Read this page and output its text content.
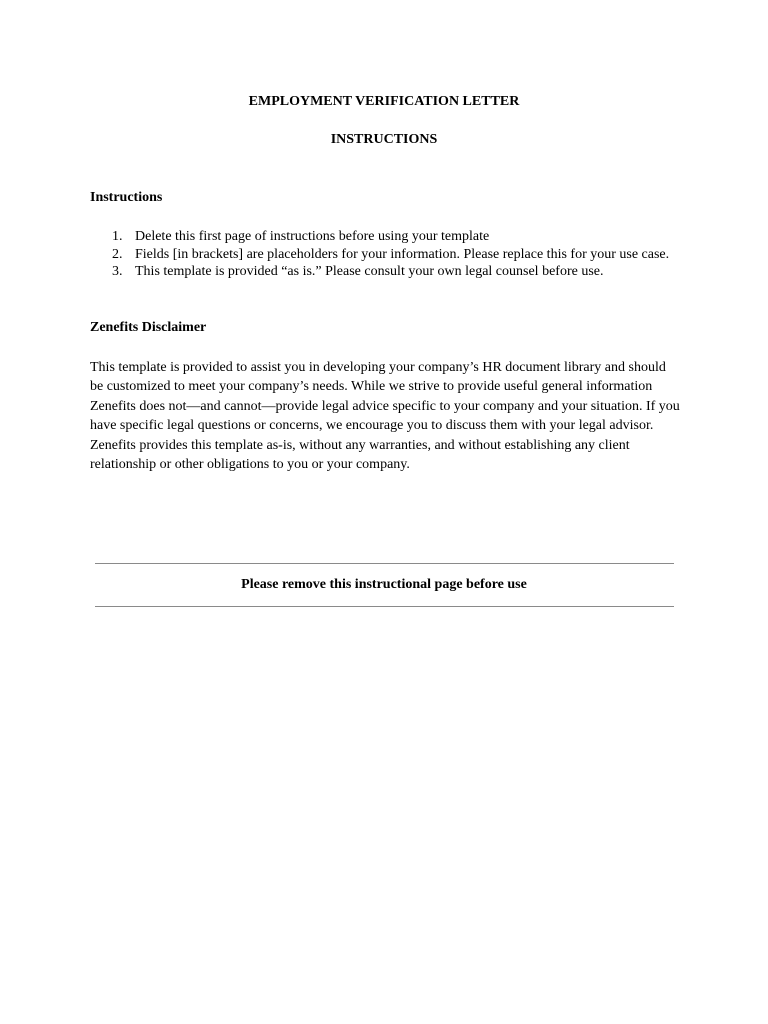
EMPLOYMENT VERIFICATION LETTER
INSTRUCTIONS
Instructions
1. Delete this first page of instructions before using your template
2. Fields [in brackets] are placeholders for your information. Please replace this for your use case.
3. This template is provided “as is.” Please consult your own legal counsel before use.
Zenefits Disclaimer

This template is provided to assist you in developing your company’s HR document library and should be customized to meet your company’s needs. While we strive to provide useful general information Zenefits does not—and cannot—provide legal advice specific to your company and your situation. If you have specific legal questions or concerns, we encourage you to discuss them with your legal advisor. Zenefits provides this template as-is, without any warranties, and without establishing any client relationship or other obligations to you or your company.

Please remove this instructional page before use
